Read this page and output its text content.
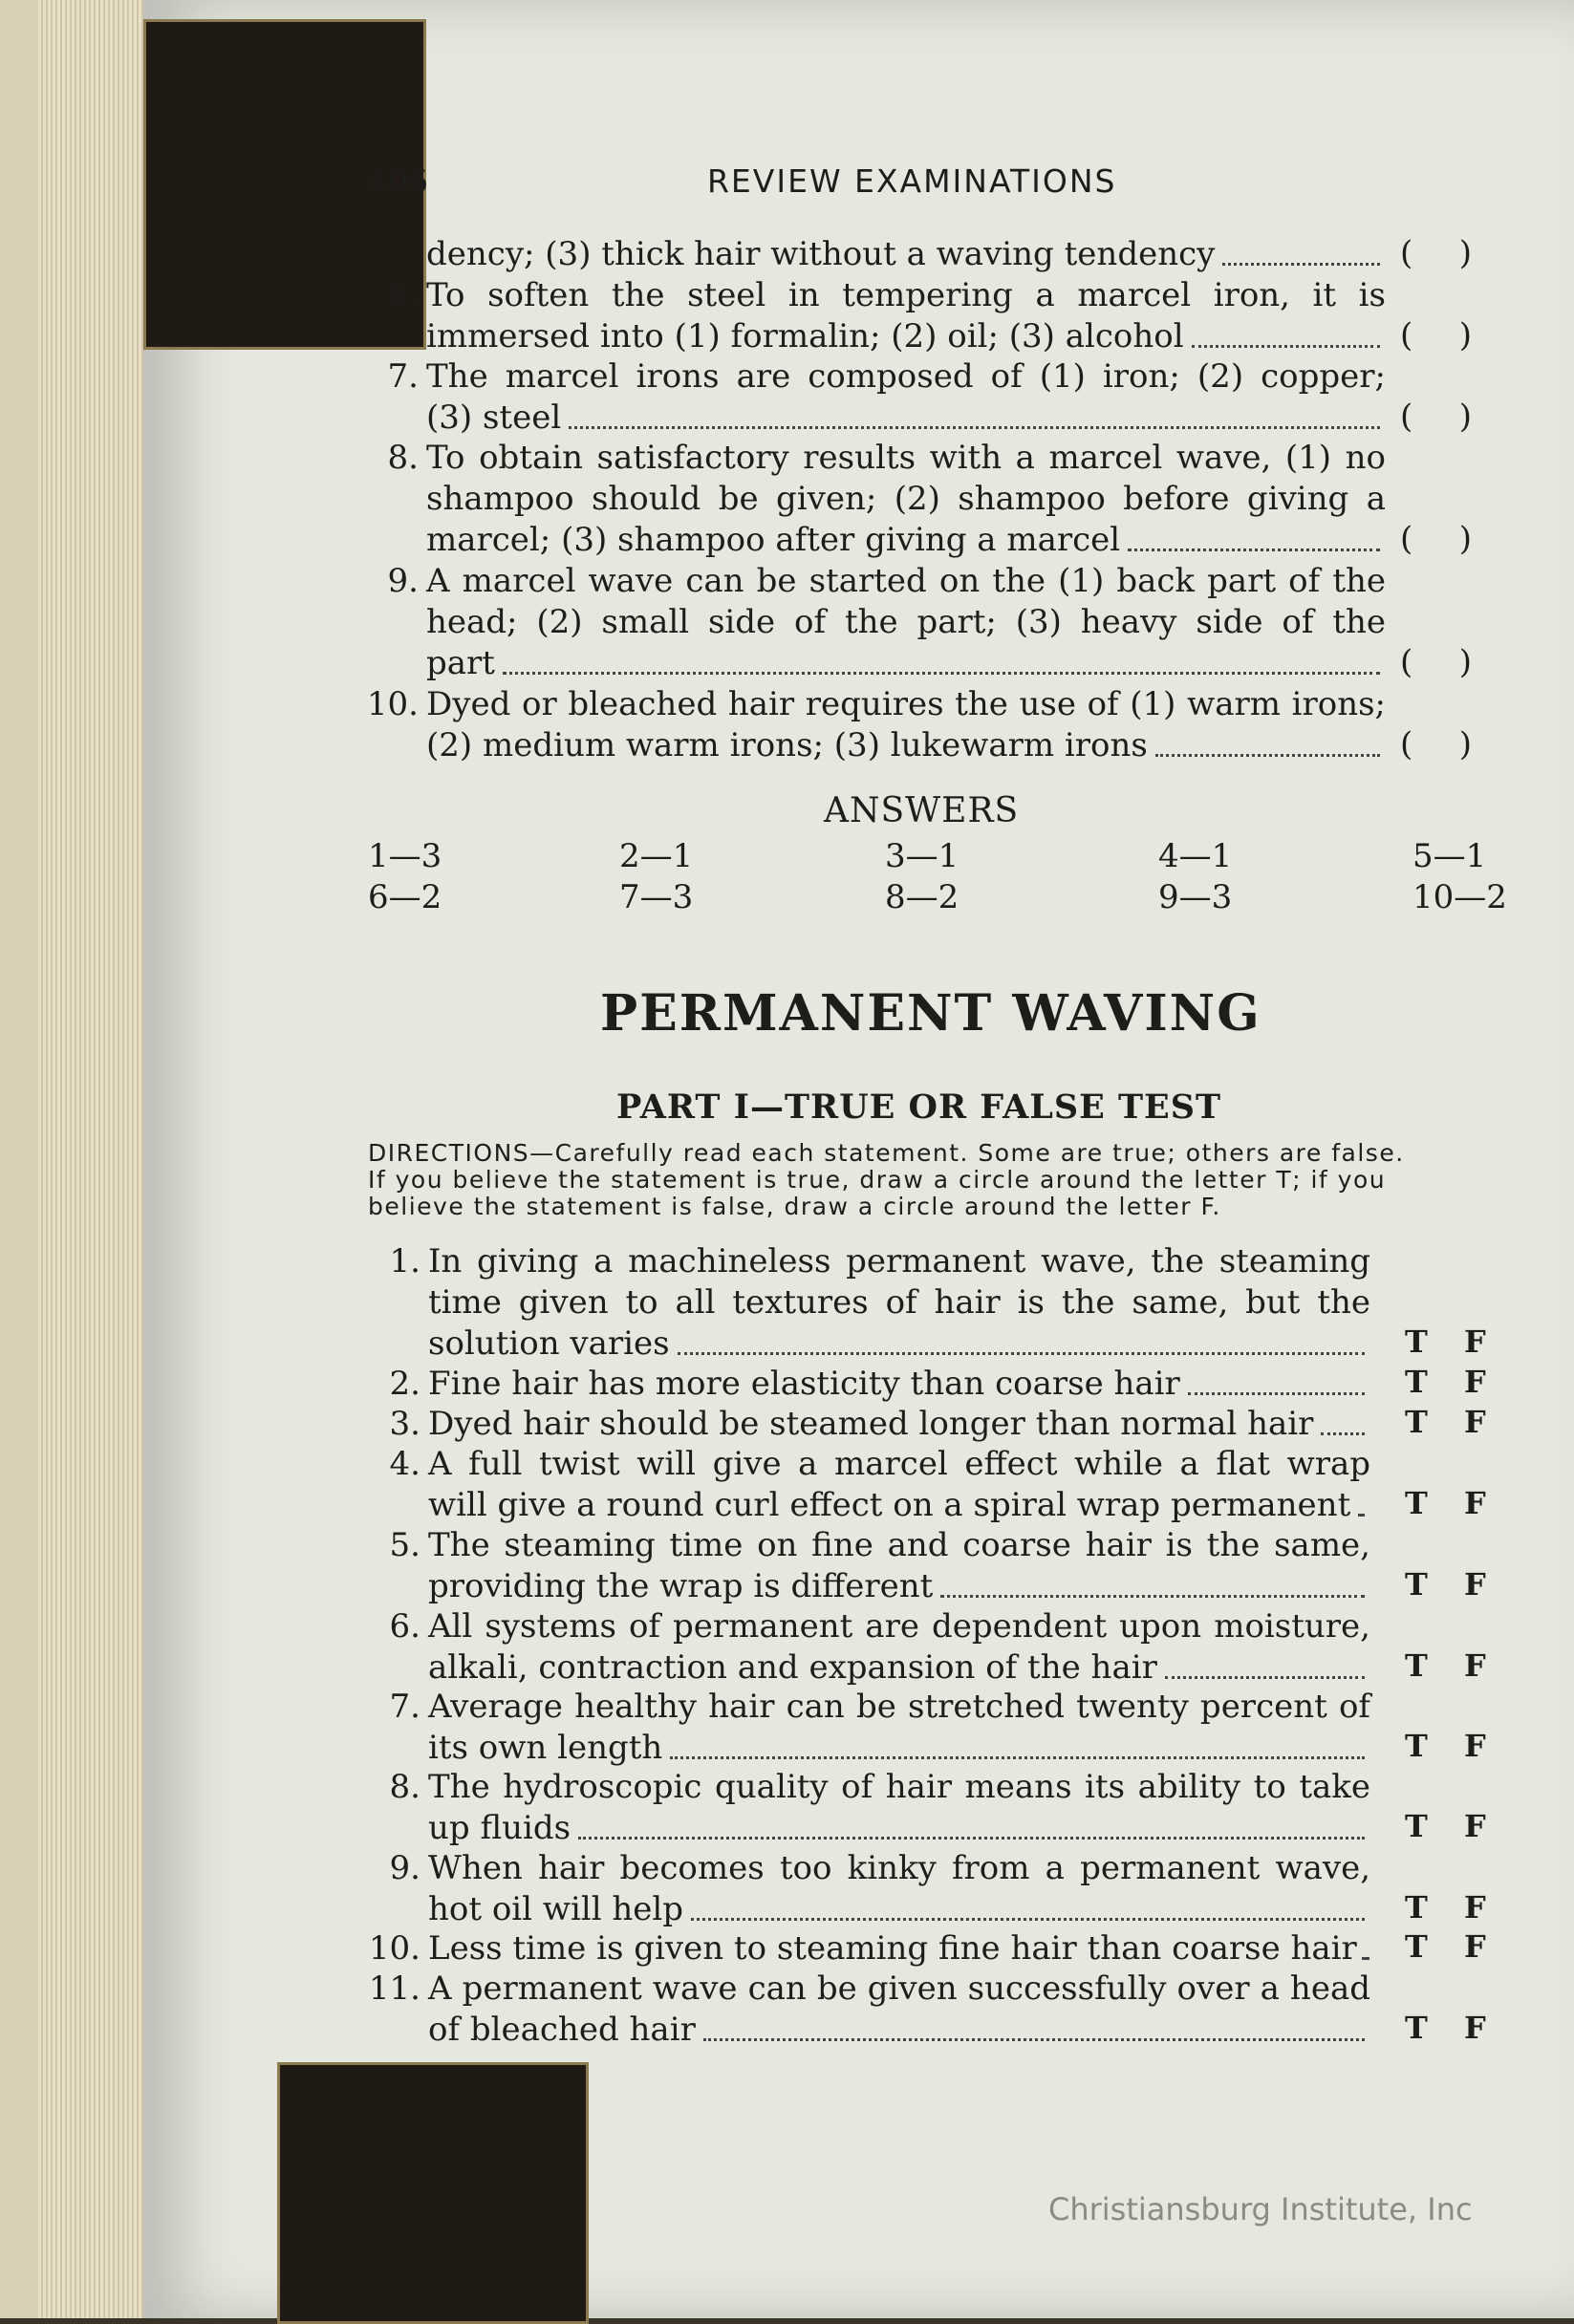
406	REVIEW EXAMINATIONS
dency; (3) thick hair without a waving tendency	( )
6. To soften the steel in tempering a marcel iron, it is
immersed into (1) formalin; (2) oil; (3) alcohol	( )
7. The marcel irons are composed of (1) iron; (2) copper;
(3) steel	( )
8. To obtain satisfactory results with a marcel wave, (1) no
shampoo should be given; (2) shampoo before giving a
marcel; (3) shampoo after giving a marcel	( )
9. A marcel wave can be started on the (1) back part of the
head; (2) small side of the part; (3) heavy side of the
part	( )
10. Dyed or bleached hair requires the use of (1) warm irons;
(2) medium warm irons; (3) lukewarm irons	( )
ANSWERS
1—3	2—1	3—1	4—1	5—1
6—2	7—3	8—2	9—3	10—2
PERMANENT WAVING
PART I—TRUE OR FALSE TEST
DIRECTIONS—Carefully read each statement. Some are true; others are false.
If you believe the statement is true, draw a circle around the letter T; if you
believe the statement is false, draw a circle around the letter F.
1. In giving a machineless permanent wave, the steaming
time given to all textures of hair is the same, but the
solution varies	T F
2. Fine hair has more elasticity than coarse hair	T F
3. Dyed hair should be steamed longer than normal hair	T F
4. A full twist will give a marcel effect while a flat wrap
will give a round curl effect on a spiral wrap permanent T F
5. The steaming time on fine and coarse hair is the same,
providing the wrap is different	T F
6. All systems of permanent are dependent upon moisture,
alkali, contraction and expansion of the hair	T F
7. Average healthy hair can be stretched twenty percent of
its own length	T F
8. The hydroscopic quality of hair means its ability to take
up fluids	T F
9. When hair becomes too kinky from a permanent wave,
hot oil will help	T F
10. Less time is given to steaming fine hair than coarse hair T F
11. A permanent wave can be given successfully over a head
of bleached hair	T F
Christiansburg Institute, Inc
